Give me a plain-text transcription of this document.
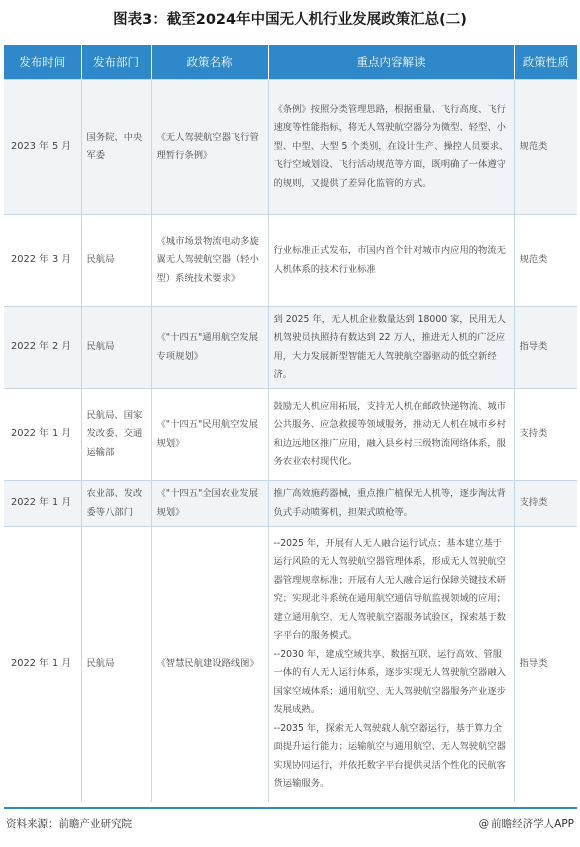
图表3：截至2024年中国无人机行业发展政策汇总(二)
发布时间	发布部门	政策名称	重点内容解读	政策性质
2023 年 5 月	国务院、中央军委	《无人驾驶航空器飞行管理暂行条例》	《条例》按照分类管理思路，根据重量、飞行高度、飞行速度等性能指标，将无人驾驶航空器分为微型、轻型、小型、中型、大型 5 个类别，在设计生产、操控人员要求、飞行空域划设、飞行活动规范等方面，既明确了一体遵守的规则，又提供了差异化监管的方式。	规范类
2022 年 3 月	民航局	《城市场景物流电动多旋翼无人驾驶航空器（轻小型）系统技术要求》	行业标准正式发布，市国内首个针对城市内应用的物流无人机体系的技术行业标准	规范类
2022 年 2 月	民航局	《"十四五"通用航空发展专项规划》	到 2025 年，无人机企业数量达到 18000 家，民用无人机驾驶员执照持有数达到 22 万人，推进无人机的广泛应用，大力发展新型智能无人驾驶航空器驱动的低空新经济。	指导类
2022 年 1 月	民航局、国家发改委、交通运输部	《"十四五"民用航空发展规划》	鼓励无人机应用拓展，支持无人机在邮政快递物流、城市公共服务、应急救援等领域服务，推动无人机在城市乡村和边远地区推广应用，融入县乡村三级物流网络体系，服务农业农村现代化。	支持类
2022 年 1 月	农业部、发改委等八部门	《"十四五"全国农业发展规划》	推广高效施药器械，重点推广植保无人机等，逐步淘汰背负式手动喷雾机，担架式喷枪等。	支持类
2022 年 1 月	民航局	《智慧民航建设路线图》	--2025 年，开展有人无人融合运行试点；基本建立基于运行风险的无人驾驶航空器管理体系，形成无人驾驶航空器管理规章标准；开展有人无人融合运行保障关键技术研究；实现北斗系统在通用航空通信导航监视领域的应用；建立通用航空、无人驾驶航空器服务试验区，探索基于数字平台的服务模式。
--2030 年，建成空域共享、数据互联、运行高效、管服一体的有人无人运行体系，逐步实现无人驾驶航空器融入国家空域体系；通用航空、无人驾驶航空器服务产业逐步发展成熟。
--2035 年，探索无人驾驶载人航空器运行，基于算力全面提升运行能力；运输航空与通用航空、无人驾驶航空器实现协同运行，并依托数字平台提供灵活个性化的民航客货运输服务。	指导类
资料来源：前瞻产业研究院	@ 前瞻经济学人APP
